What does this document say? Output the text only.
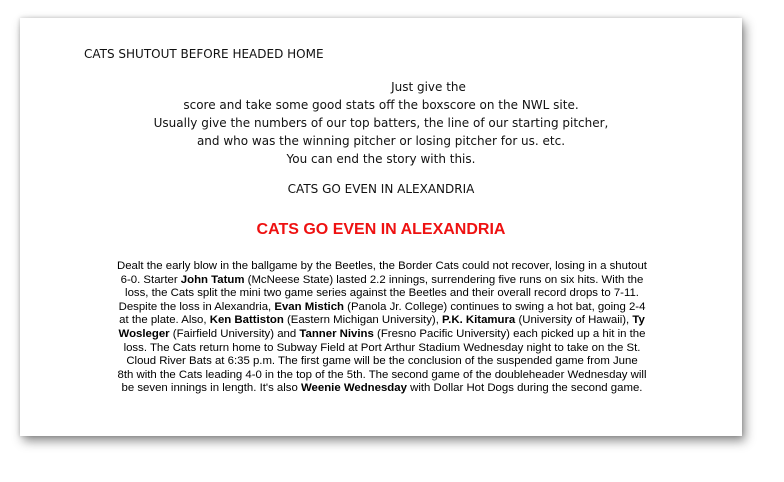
CATS SHUTOUT BEFORE HEADED HOME
Just give the
score and take some good stats off the boxscore on the NWL site.
Usually give the numbers of our top batters, the line of our starting pitcher,
and who was the winning pitcher or losing pitcher for us. etc.
You can end the story with this.
CATS GO EVEN IN ALEXANDRIA
CATS GO EVEN IN ALEXANDRIA
Dealt the early blow in the ballgame by the Beetles, the Border Cats could not recover, losing in a shutout
6-0. Starter John Tatum (McNeese State) lasted 2.2 innings, surrendering five runs on six hits. With the
loss, the Cats split the mini two game series against the Beetles and their overall record drops to 7-11.
Despite the loss in Alexandria, Evan Mistich (Panola Jr. College) continues to swing a hot bat, going 2-4
at the plate. Also, Ken Battiston (Eastern Michigan University), P.K. Kitamura (University of Hawaii), Ty
Wosleger (Fairfield University) and Tanner Nivins (Fresno Pacific University) each picked up a hit in the
loss. The Cats return home to Subway Field at Port Arthur Stadium Wednesday night to take on the St.
Cloud River Bats at 6:35 p.m. The first game will be the conclusion of the suspended game from June
8th with the Cats leading 4-0 in the top of the 5th. The second game of the doubleheader Wednesday will
be seven innings in length. It's also Weenie Wednesday with Dollar Hot Dogs during the second game.
